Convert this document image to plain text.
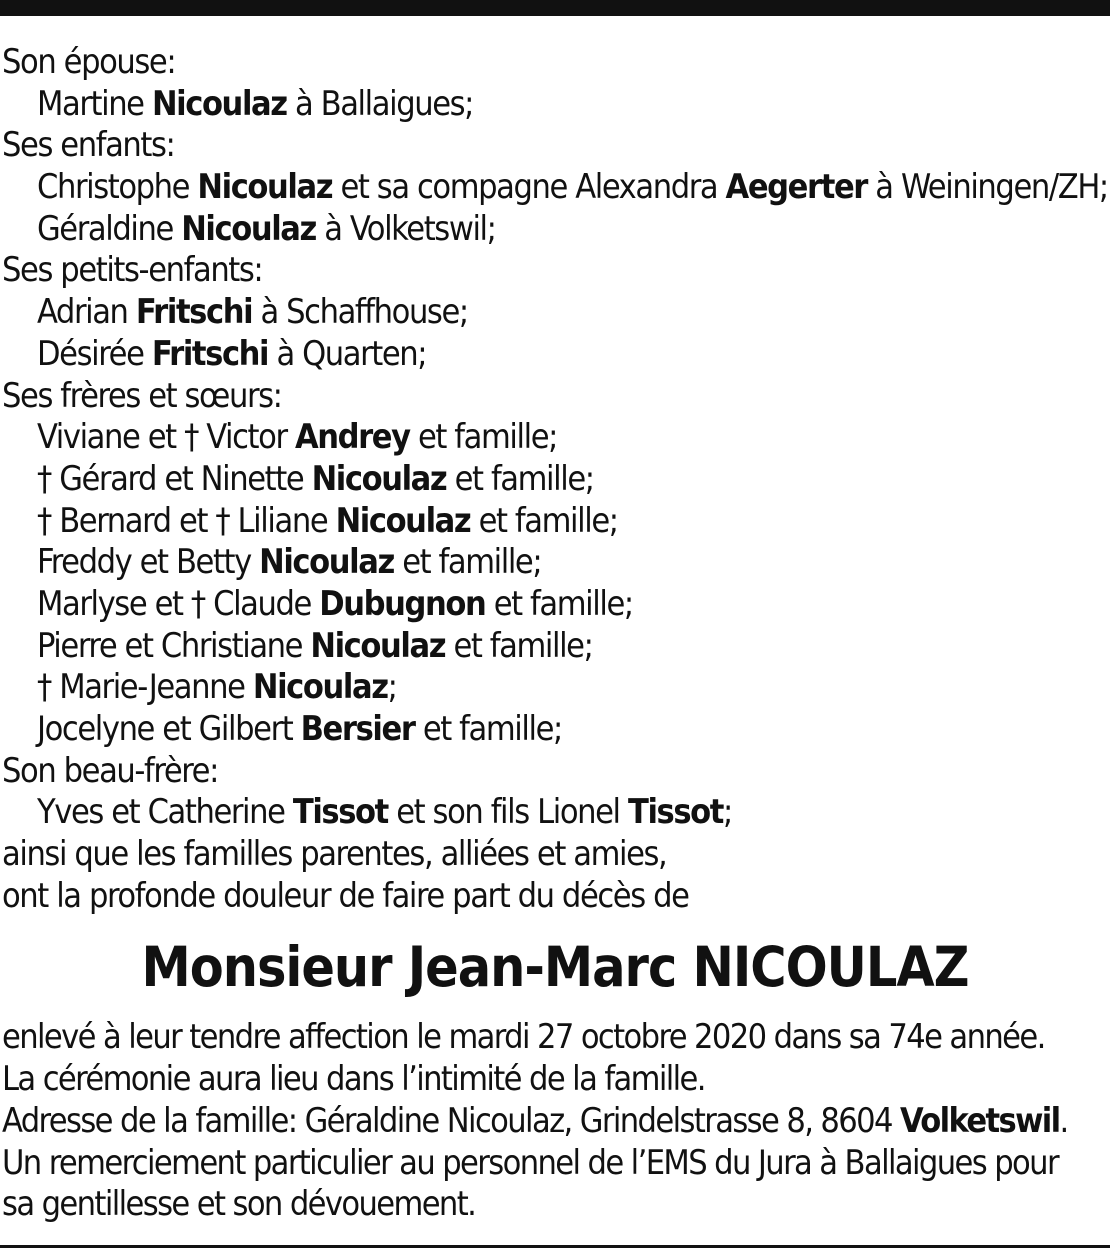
Son épouse:
Martine Nicoulaz à Ballaigues;
Ses enfants:
Christophe Nicoulaz et sa compagne Alexandra Aegerter à Weiningen/ZH;
Géraldine Nicoulaz à Volketswil;
Ses petits-enfants:
Adrian Fritschi à Schaffhouse;
Désirée Fritschi à Quarten;
Ses frères et sœurs:
Viviane et † Victor Andrey et famille;
† Gérard et Ninette Nicoulaz et famille;
† Bernard et † Liliane Nicoulaz et famille;
Freddy et Betty Nicoulaz et famille;
Marlyse et † Claude Dubugnon et famille;
Pierre et Christiane Nicoulaz et famille;
† Marie-Jeanne Nicoulaz;
Jocelyne et Gilbert Bersier et famille;
Son beau-frère:
Yves et Catherine Tissot et son fils Lionel Tissot;
ainsi que les familles parentes, alliées et amies,
ont la profonde douleur de faire part du décès de
Monsieur Jean-Marc NICOULAZ
enlevé à leur tendre affection le mardi 27 octobre 2020 dans sa 74e année.
La cérémonie aura lieu dans l’intimité de la famille.
Adresse de la famille: Géraldine Nicoulaz, Grindelstrasse 8, 8604 Volketswil.
Un remerciement particulier au personnel de l’EMS du Jura à Ballaigues pour
sa gentillesse et son dévouement.
